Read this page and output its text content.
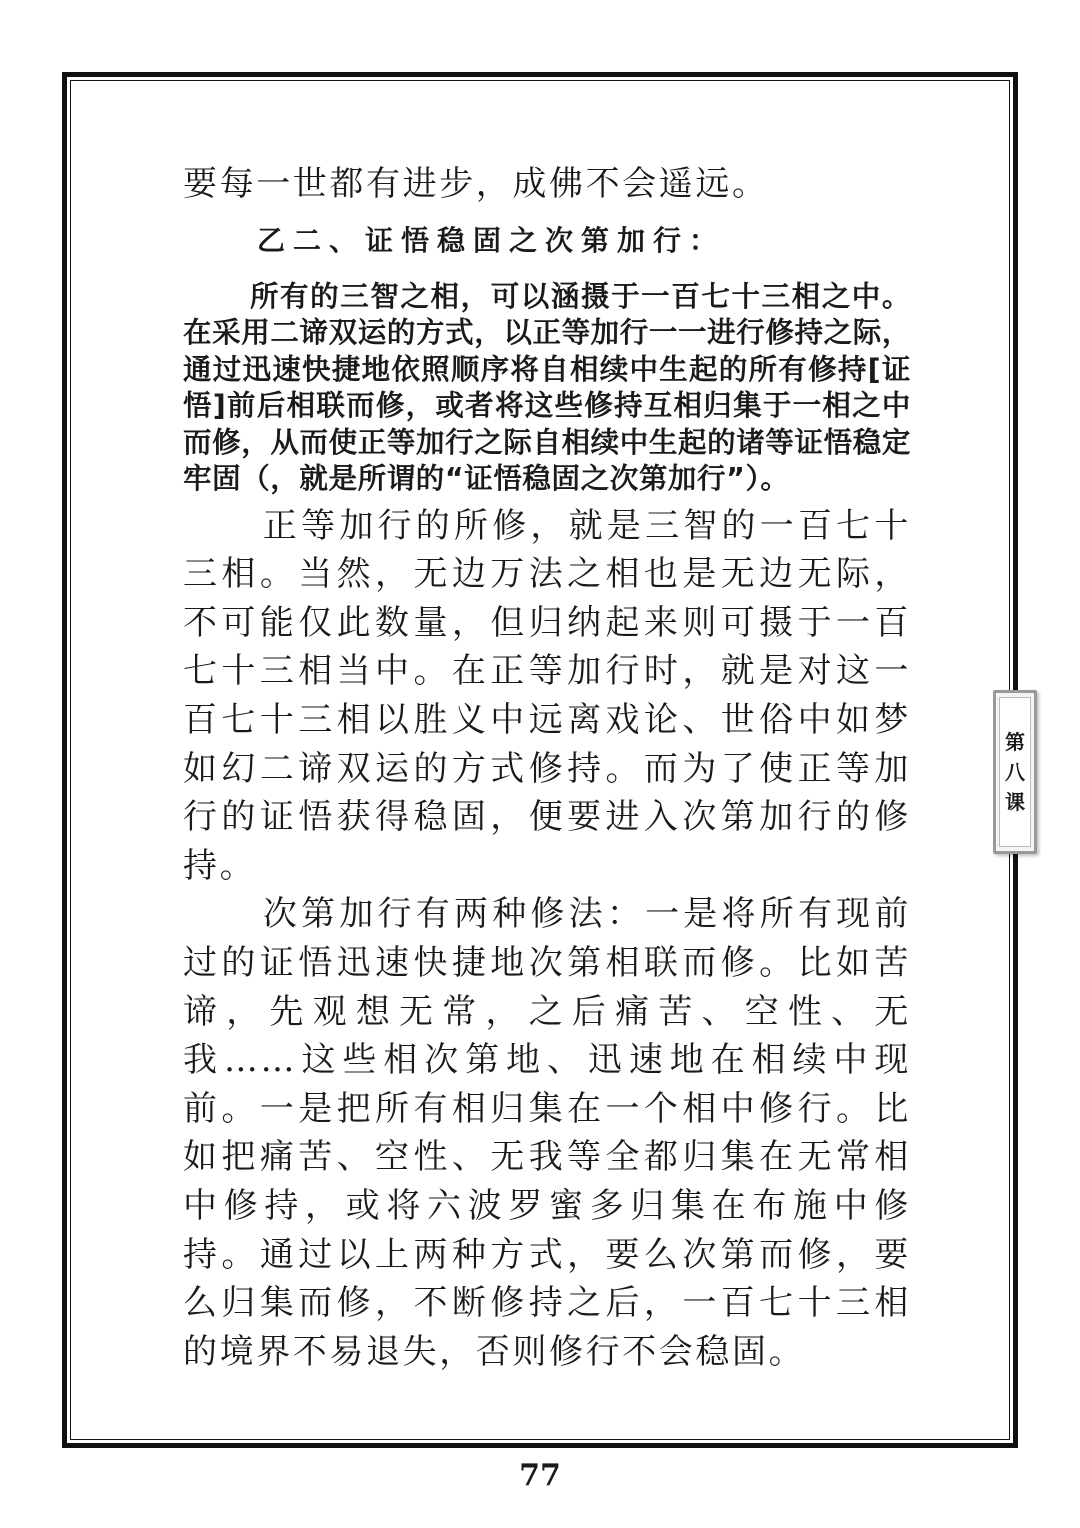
要每一世都有进步，成佛不会遥远。

乙二、证悟稳固之次第加行：

所有的三智之相，可以涵摄于一百七十三相之中。在采用二谛双运的方式，以正等加行一一进行修持之际，通过迅速快捷地依照顺序将自相续中生起的所有修持[证悟]前后相联而修，或者将这些修持互相归集于一相之中而修，从而使正等加行之际自相续中生起的诸等证悟稳定牢固（，就是所谓的“证悟稳固之次第加行”）。

正等加行的所修，就是三智的一百七十三相。当然，无边万法之相也是无边无际，不可能仅此数量，但归纳起来则可摄于一百七十三相当中。在正等加行时，就是对这一百七十三相以胜义中远离戏论、世俗中如梦如幻二谛双运的方式修持。而为了使正等加行的证悟获得稳固，便要进入次第加行的修持。

次第加行有两种修法：一是将所有现前过的证悟迅速快捷地次第相联而修。比如苦谛，先观想无常，之后痛苦、空性、无我……这些相次第地、迅速地在相续中现前。一是把所有相归集在一个相中修行。比如把痛苦、空性、无我等全都归集在无常相中修持，或将六波罗蜜多归集在布施中修持。通过以上两种方式，要么次第而修，要么归集而修，不断修持之后，一百七十三相的境界不易退失，否则修行不会稳固。

第
八
课
77
